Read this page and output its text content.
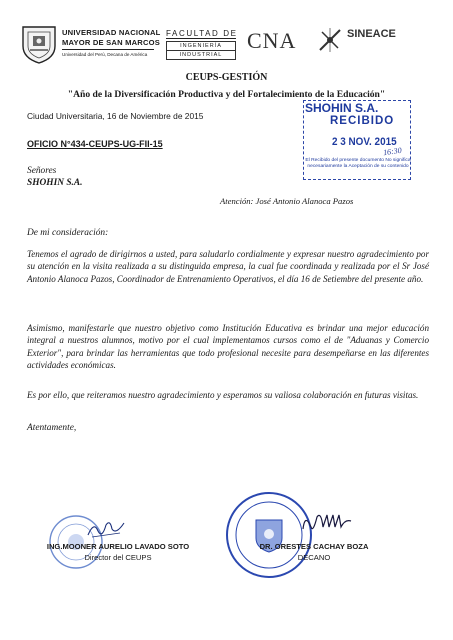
UNIVERSIDAD NACIONAL
MAYOR DE SAN MARCOS
Universidad del Perú, Decana de América
FACULTAD DE
INGENIERÍA
INDUSTRIAL
CNA	SINEACE
CEUPS-GESTIÓN
"Año de la Diversificación Productiva y del Fortalecimiento de la Educación"
Ciudad Universitaria, 16 de Noviembre de 2015
SHOHIN S.A.
RECIBIDO
2 3 NOV. 2015
16:30
El Recibido del presente documento No significa necesariamente la Aceptación de su contenido
OFICIO N°434-CEUPS-UG-FII-15
Señores
SHOHIN S.A.
Atención: José Antonio Alanoca Pazos
De mi consideración:
Tenemos el agrado de dirigirnos a usted, para saludarlo cordialmente y expresar nuestro agradecimiento por su atención en la visita realizada a su distinguida empresa, la cual fue coordinada y realizada por el Sr José Antonio Alanoca Pazos, Coordinador de Entrenamiento Operativos, el día 16 de Setiembre del presente año.
Asimismo, manifestarle que nuestro objetivo como Institución Educativa es brindar una mejor educación integral a nuestros alumnos, motivo por el cual implementamos cursos como el de "Aduanas y Comercio Exterior", para brindar las herramientas que todo profesional necesite para desempeñarse en las diferentes actividades económicas.
Es por ello, que reiteramos nuestro agradecimiento y esperamos su valiosa colaboración en futuras visitas.
Atentamente,
ING.MOONER AURELIO LAVADO SOTO
Director del CEUPS
DR. ORESTES CACHAY BOZA
DECANO
